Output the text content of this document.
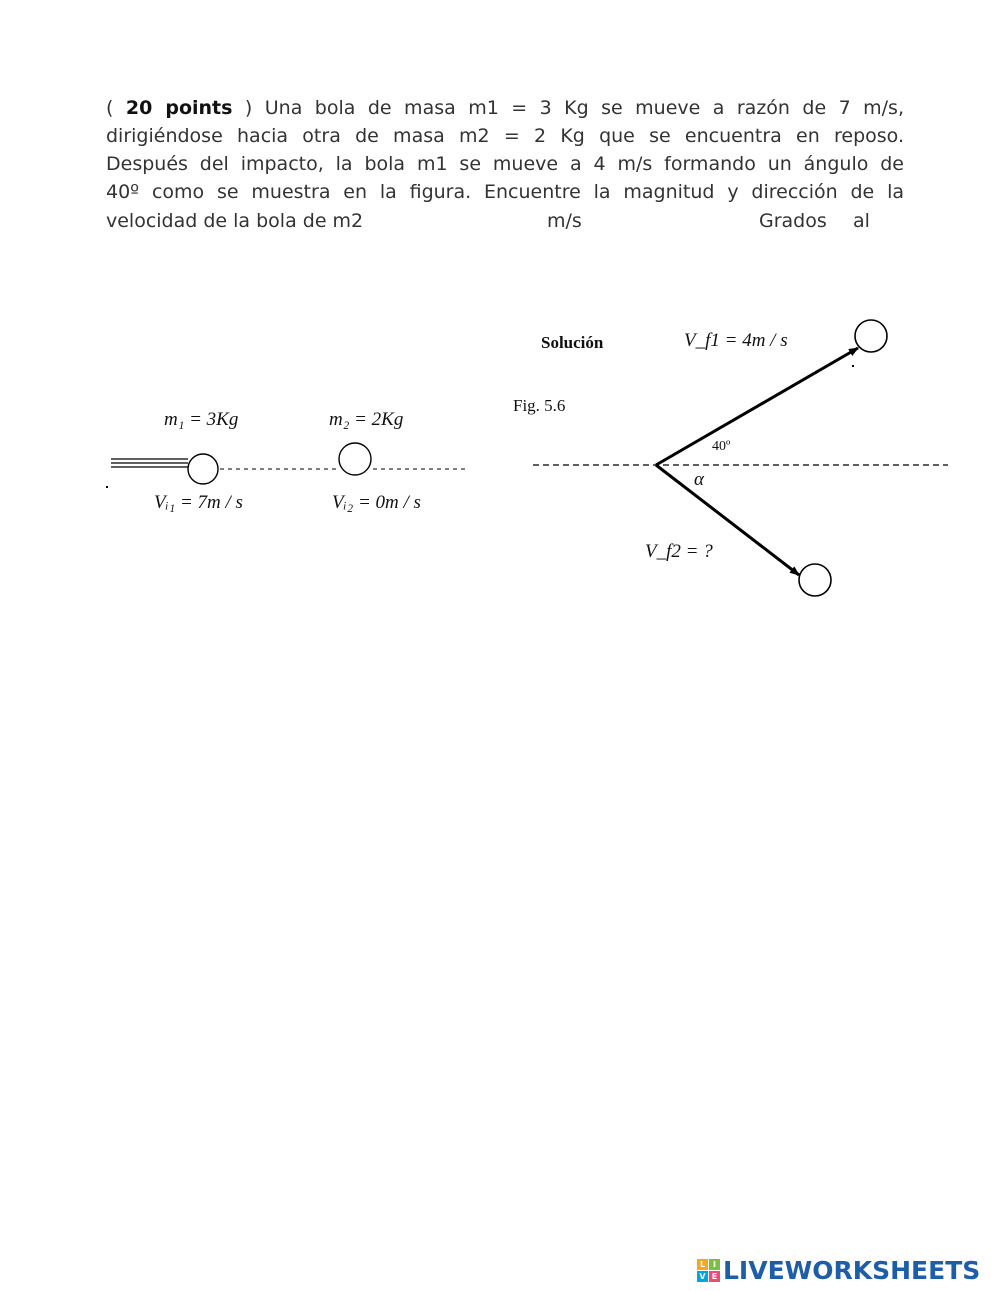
( 20 points ) Una bola de masa m1 = 3 Kg se mueve a razón de 7 m/s,
dirigiéndose hacia otra de masa m2 = 2 Kg que se encuentra en reposo.
Después del impacto, la bola m1 se mueve a 4 m/s formando un ángulo de
40º como se muestra en la figura. Encuentre la magnitud y dirección de la
velocidad de la bola de m2	m/s	Grados al
m₁ = 3Kg	m₂ = 2Kg
Vᵢ₁ = 7m / s	Vᵢ₂ = 0m / s
Solución
Fig. 5.6
V_f1 = 4m / s
40º
α
V_f2 = ?
L I
V E LIVEWORKSHEETS
